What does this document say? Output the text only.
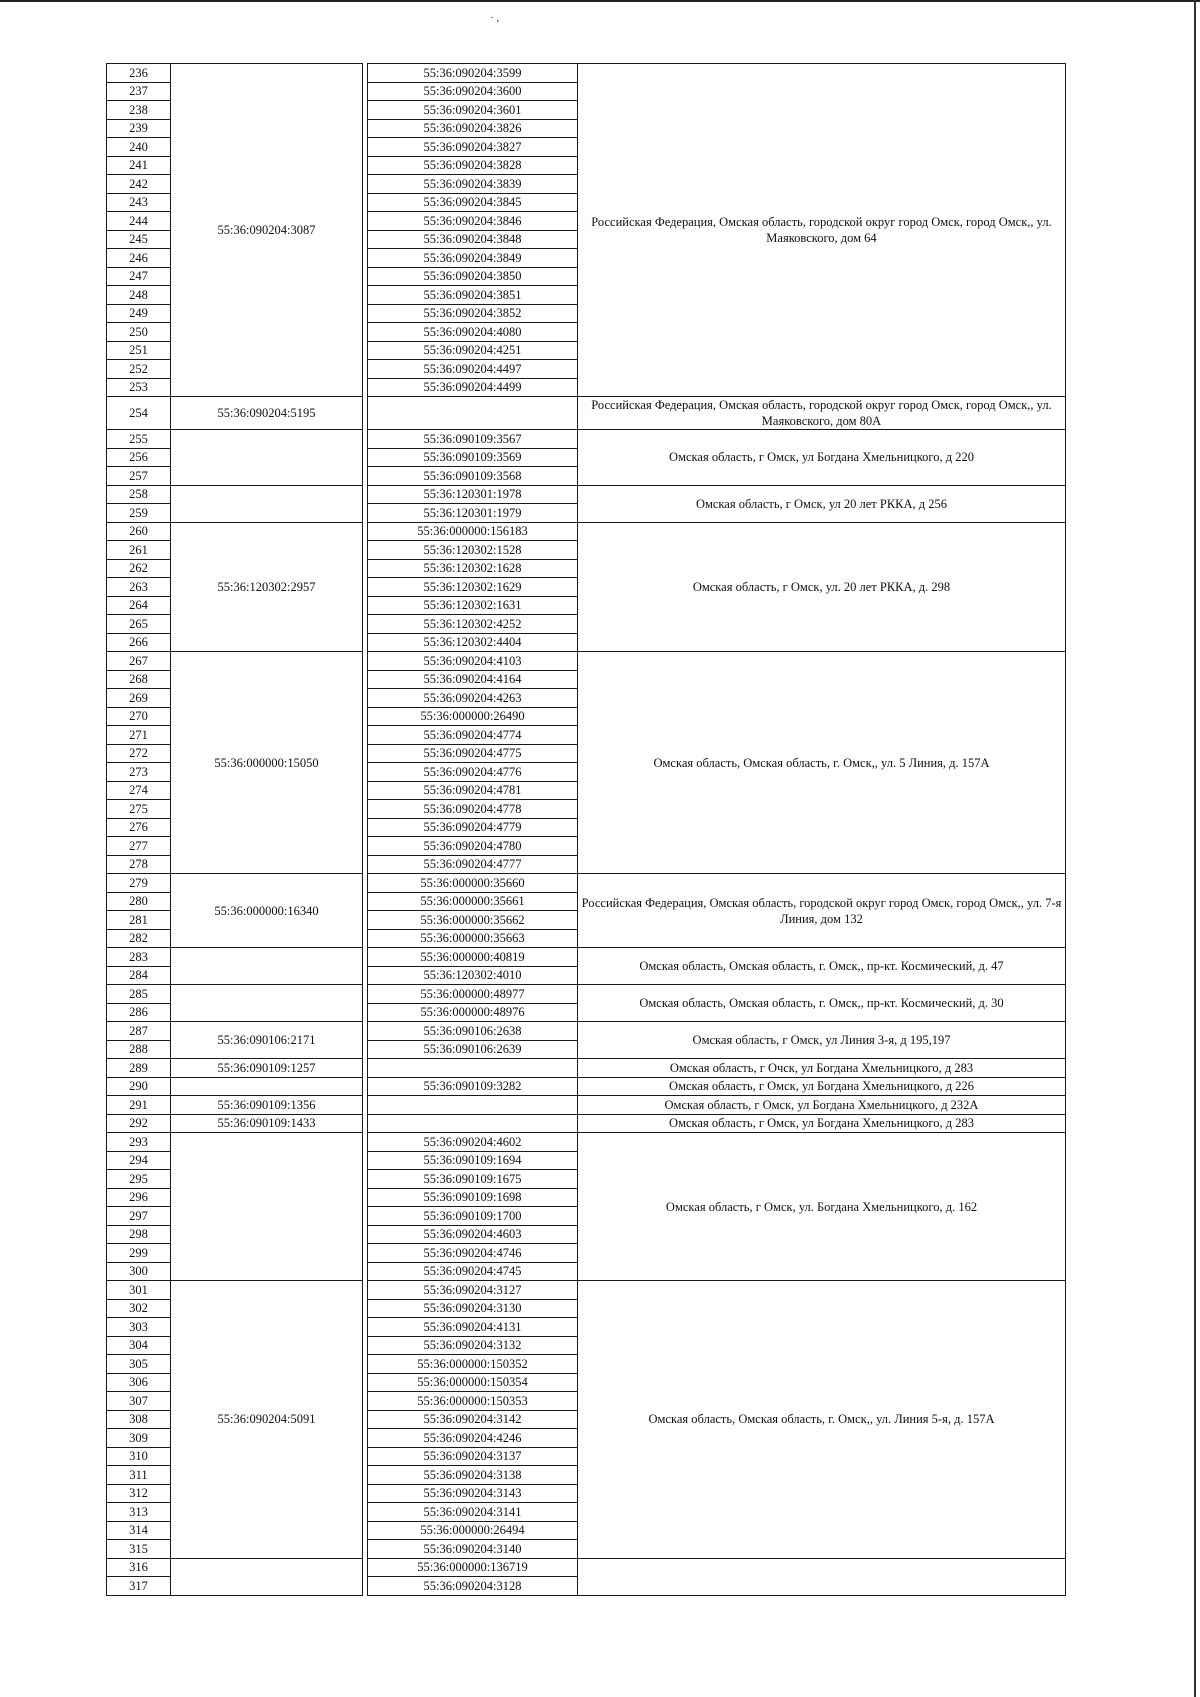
· ,
236	55:36:090204:3087		55:36:090204:3599	Российская Федерация, Омская область, городской округ город Омск, город Омск,, ул. Маяковского, дом 64
237			55:36:090204:3600	
238			55:36:090204:3601	
239			55:36:090204:3826	
240			55:36:090204:3827	
241			55:36:090204:3828	
242			55:36:090204:3839	
243			55:36:090204:3845	
244			55:36:090204:3846	
245			55:36:090204:3848	
246			55:36:090204:3849	
247			55:36:090204:3850	
248			55:36:090204:3851	
249			55:36:090204:3852	
250			55:36:090204:4080	
251			55:36:090204:4251	
252			55:36:090204:4497	
253			55:36:090204:4499	
254	55:36:090204:5195			Российская Федерация, Омская область, городской округ город Омск, город Омск,, ул. Маяковского, дом 80А
255			55:36:090109:3567	Омская область, г Омск, ул Богдана Хмельницкого, д 220
256			55:36:090109:3569	
257			55:36:090109:3568	
258			55:36:120301:1978	Омская область, г Омск, ул 20 лет РККА, д 256
259			55:36:120301:1979	
260	55:36:120302:2957		55:36:000000:156183	Омская область, г Омск, ул. 20 лет РККА, д. 298
261			55:36:120302:1528	
262			55:36:120302:1628	
263			55:36:120302:1629	
264			55:36:120302:1631	
265			55:36:120302:4252	
266			55:36:120302:4404	
267	55:36:000000:15050		55:36:090204:4103	Омская область, Омская область, г. Омск,, ул. 5 Линия, д. 157А
268			55:36:090204:4164	
269			55:36:090204:4263	
270			55:36:000000:26490	
271			55:36:090204:4774	
272			55:36:090204:4775	
273			55:36:090204:4776	
274			55:36:090204:4781	
275			55:36:090204:4778	
276			55:36:090204:4779	
277			55:36:090204:4780	
278			55:36:090204:4777	
279	55:36:000000:16340		55:36:000000:35660	Российская Федерация, Омская область, городской округ город Омск, город Омск,, ул. 7-я Линия, дом 132
280			55:36:000000:35661	
281			55:36:000000:35662	
282			55:36:000000:35663	
283			55:36:000000:40819	Омская область, Омская область, г. Омск,, пр-кт. Космический, д. 47
284			55:36:120302:4010	
285			55:36:000000:48977	Омская область, Омская область, г. Омск,, пр-кт. Космический, д. 30
286			55:36:000000:48976	
287	55:36:090106:2171		55:36:090106:2638	Омская область, г Омск, ул Линия 3-я, д 195,197
288			55:36:090106:2639	
289	55:36:090109:1257			Омская область, г Очск, ул Богдана Хмельницкого, д 283
290			55:36:090109:3282	Омская область, г Омск, ул Богдана Хмельницкого, д 226
291	55:36:090109:1356			Омская область, г Омск, ул Богдана Хмельницкого, д 232А
292	55:36:090109:1433			Омская область, г Омск, ул Богдана Хмельницкого, д 283
293			55:36:090204:4602	Омская область, г Омск, ул. Богдана Хмельницкого, д. 162
294			55:36:090109:1694	
295			55:36:090109:1675	
296			55:36:090109:1698	
297			55:36:090109:1700	
298			55:36:090204:4603	
299			55:36:090204:4746	
300			55:36:090204:4745	
301	55:36:090204:5091		55:36:090204:3127	Омская область, Омская область, г. Омск,, ул. Линия 5-я, д. 157А
302			55:36:090204:3130	
303			55:36:090204:4131	
304			55:36:090204:3132	
305			55:36:000000:150352	
306			55:36:000000:150354	
307			55:36:000000:150353	
308			55:36:090204:3142	
309			55:36:090204:4246	
310			55:36:090204:3137	
311			55:36:090204:3138	
312			55:36:090204:3143	
313			55:36:090204:3141	
314			55:36:000000:26494	
315			55:36:090204:3140	
316			55:36:000000:136719	
317			55:36:090204:3128	
